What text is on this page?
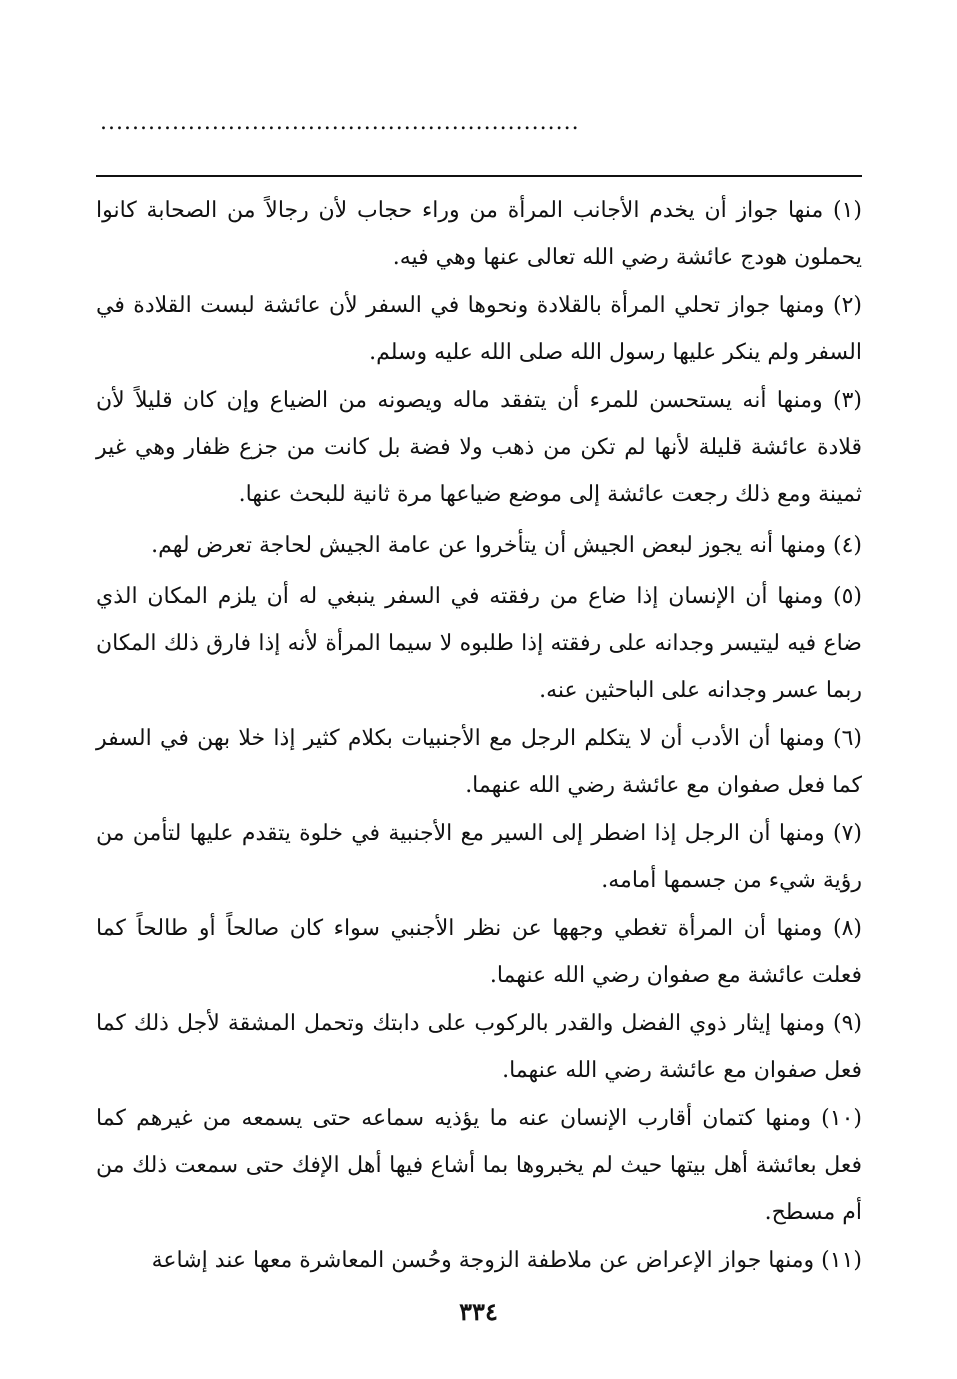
............................................................

(١) منها جواز أن يخدم الأجانب المرأة من وراء حجاب لأن رجالاً من الصحابة كانوا يحملون هودج عائشة رضي الله تعالى عنها وهي فيه.

(٢) ومنها جواز تحلي المرأة بالقلادة ونحوها في السفر لأن عائشة لبست القلادة في السفر ولم ينكر عليها رسول الله صلى الله عليه وسلم.

(٣) ومنها أنه يستحسن للمرء أن يتفقد ماله ويصونه من الضياع وإن كان قليلاً لأن قلادة عائشة قليلة لأنها لم تكن من ذهب ولا فضة بل كانت من جزع ظفار وهي غير ثمينة ومع ذلك رجعت عائشة إلى موضع ضياعها مرة ثانية للبحث عنها.

(٤) ومنها أنه يجوز لبعض الجيش أن يتأخروا عن عامة الجيش لحاجة تعرض لهم.

(٥) ومنها أن الإنسان إذا ضاع من رفقته في السفر ينبغي له أن يلزم المكان الذي ضاع فيه ليتيسر وجدانه على رفقته إذا طلبوه لا سيما المرأة لأنه إذا فارق ذلك المكان ربما عسر وجدانه على الباحثين عنه.

(٦) ومنها أن الأدب أن لا يتكلم الرجل مع الأجنبيات بكلام كثير إذا خلا بهن في السفر كما فعل صفوان مع عائشة رضي الله عنهما.

(٧) ومنها أن الرجل إذا اضطر إلى السير مع الأجنبية في خلوة يتقدم عليها لتأمن من رؤية شيء من جسمها أمامه.

(٨) ومنها أن المرأة تغطي وجهها عن نظر الأجنبي سواء كان صالحاً أو طالحاً كما فعلت عائشة مع صفوان رضي الله عنهما.

(٩) ومنها إيثار ذوي الفضل والقدر بالركوب على دابتك وتحمل المشقة لأجل ذلك كما فعل صفوان مع عائشة رضي الله عنهما.

(١٠) ومنها كتمان أقارب الإنسان عنه ما يؤذيه سماعه حتى يسمعه من غيرهم كما فعل بعائشة أهل بيتها حيث لم يخبروها بما أشاع فيها أهل الإفك حتى سمعت ذلك من أم مسطح.

(١١) ومنها جواز الإعراض عن ملاطفة الزوجة وحُسن المعاشرة معها عند إشاعة

٣٣٤
